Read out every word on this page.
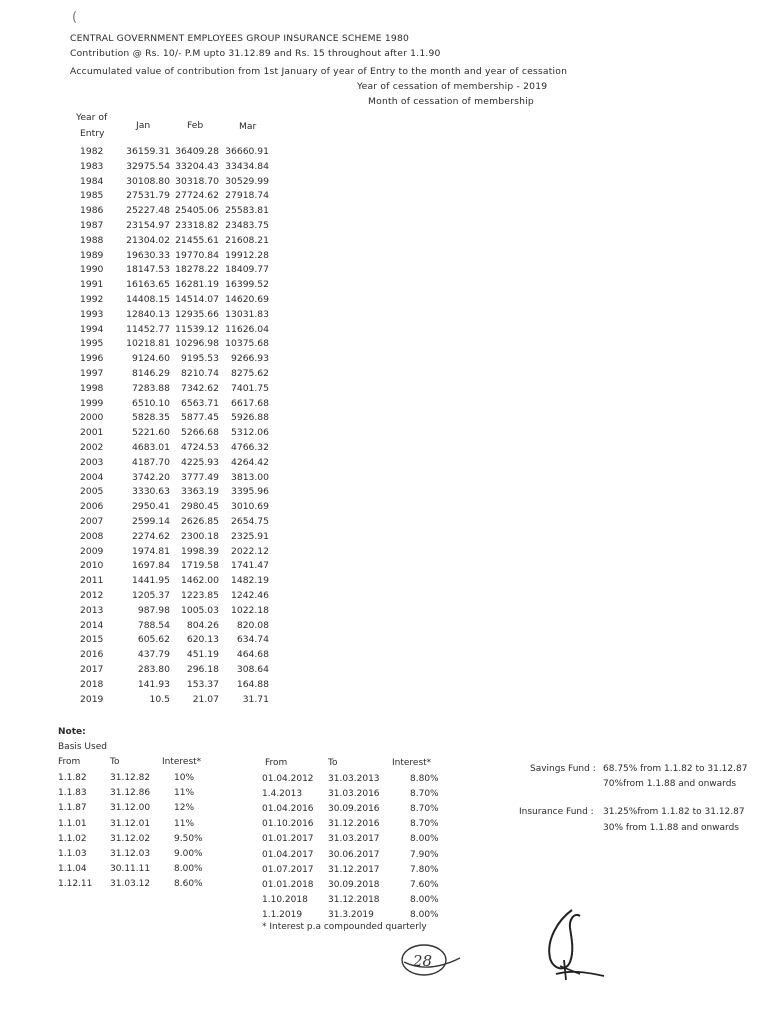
(
CENTRAL GOVERNMENT EMPLOYEES GROUP INSURANCE SCHEME 1980
Contribution @ Rs. 10/- P.M upto 31.12.89 and Rs. 15 throughout after 1.1.90
Accumulated value of contribution from 1st January of year of Entry to the month and year of cessation
Year of cessation of membership - 2019
Month of cessation of membership
Year of
Entry
Jan	Feb	Mar
1982 36159.31 36409.28 36660.91
1983 32975.54 33204.43 33434.84
1984 30108.80 30318.70 30529.99
1985 27531.79 27724.62 27918.74
1986 25227.48 25405.06 25583.81
1987 23154.97 23318.82 23483.75
1988 21304.02 21455.61 21608.21
1989 19630.33 19770.84 19912.28
1990 18147.53 18278.22 18409.77
1991 16163.65 16281.19 16399.52
1992 14408.15 14514.07 14620.69
1993 12840.13 12935.66 13031.83
1994 11452.77 11539.12 11626.04
1995 10218.81 10296.98 10375.68
1996	9124.60 9195.53 9266.93
1997	8146.29 8210.74 8275.62
1998	7283.88 7342.62 7401.75
1999	6510.10 6563.71 6617.68
2000	5828.35 5877.45 5926.88
2001	5221.60 5266.68 5312.06
2002	4683.01 4724.53 4766.32
2003	4187.70 4225.93 4264.42
2004	3742.20 3777.49 3813.00
2005	3330.63 3363.19 3395.96
2006	2950.41 2980.45 3010.69
2007	2599.14 2626.85 2654.75
2008	2274.62 2300.18 2325.91
2009	1974.81 1998.39 2022.12
2010	1697.84 1719.58 1741.47
2011	1441.95 1462.00 1482.19
2012	1205.37 1223.85 1242.46
2013	987.98 1005.03 1022.18
2014	788.54 804.26 820.08
2015	605.62 620.13 634.74
2016	437.79 451.19 464.68
2017	283.80 296.18 308.64
2018	141.93 153.37 164.88
2019	10.5 21.07	31.71
Note:
Basis Used
From	To	Interest*
1.1.82	31.12.82	10%
1.1.83	31.12.86	11%
1.1.87	31.12.00	12%
1.1.01	31.12.01	11%
1.1.02	31.12.02	9.50%
1.1.03	31.12.03	9.00%
1.1.04	30.11.11	8.00%
1.12.11 31.03.12	8.60%
From	To	Interest*
01.04.2012 31.03.2013	8.80%
1.4.2013	31.03.2016	8.70%
01.04.2016 30.09.2016	8.70%
01.10.2016 31.12.2016	8.70%
01.01.2017 31.03.2017	8.00%
01.04.2017 30.06.2017	7.90%
01.07.2017 31.12.2017	7.80%
01.01.2018 30.09.2018	7.60%
1.10.2018 31.12.2018	8.00%
1.1.2019	31.3.2019	8.00%
* Interest p.a compounded quarterly
Savings Fund : 68.75% from 1.1.82 to 31.12.87
70%from 1.1.88 and onwards
Insurance Fund : 31.25%from 1.1.82 to 31.12.87
30% from 1.1.88 and onwards
28
